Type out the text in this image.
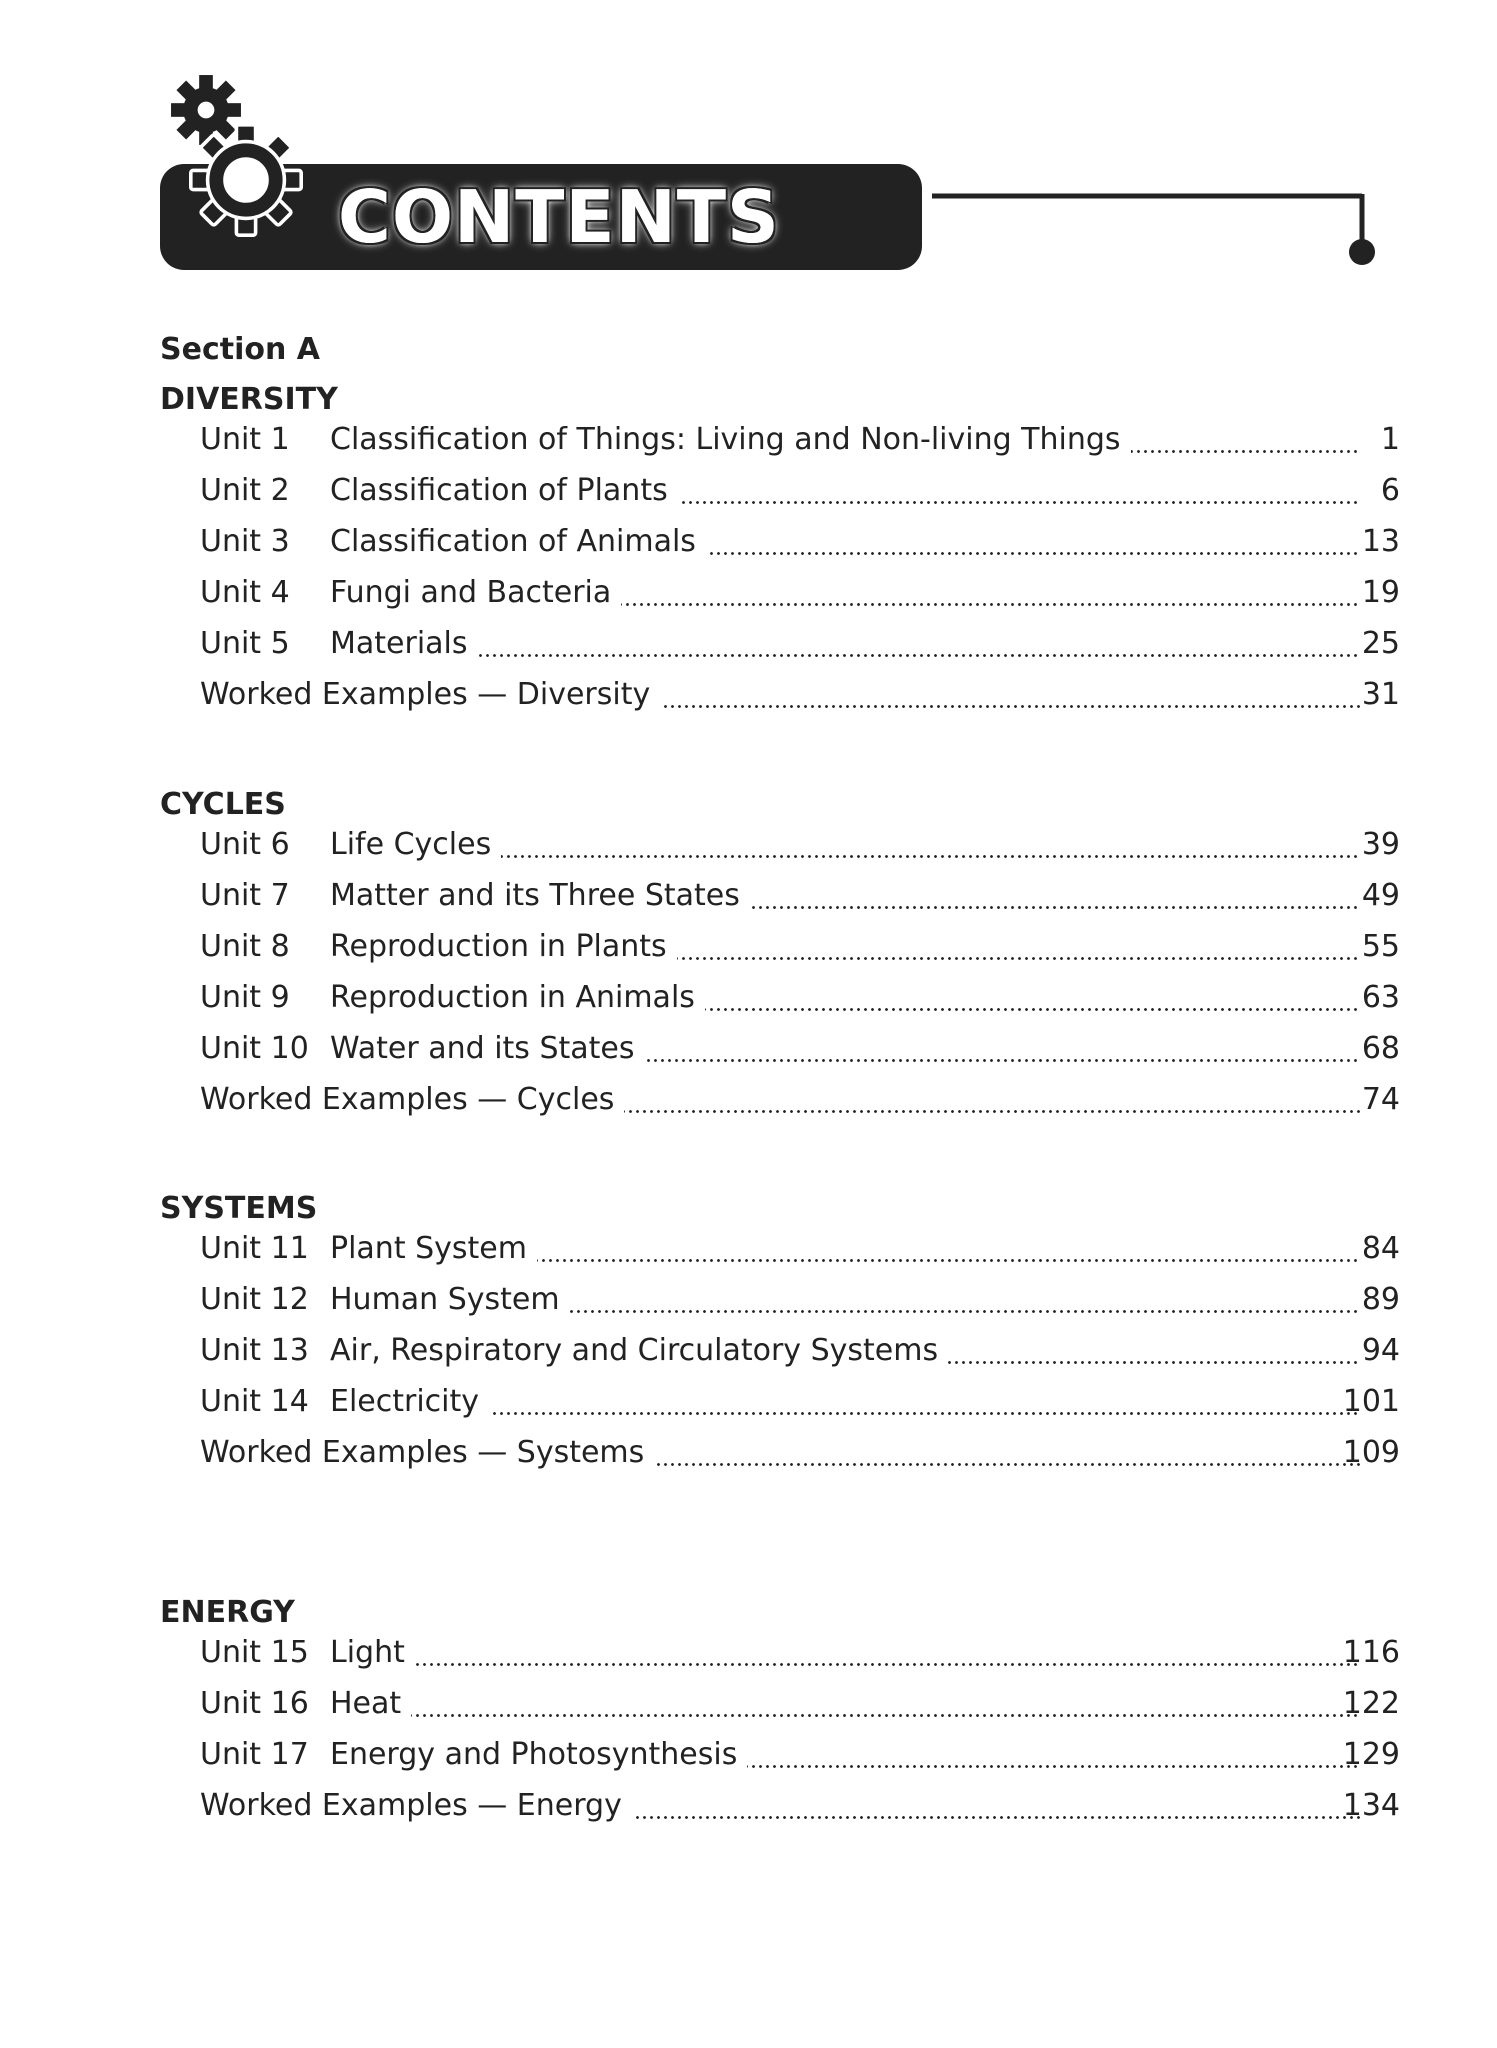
CONTENTS
Section A
DIVERSITY
Unit 1 Classification of Things: Living and Non-living Things	1
Unit 2 Classification of Plants	6
Unit 3 Classification of Animals	13
Unit 4 Fungi and Bacteria	19
Unit 5 Materials	25
Worked Examples — Diversity	31
CYCLES
Unit 6 Life Cycles	39
Unit 7 Matter and its Three States	49
Unit 8 Reproduction in Plants	55
Unit 9 Reproduction in Animals	63
Unit 10 Water and its States	68
Worked Examples — Cycles	74
SYSTEMS
Unit 11 Plant System	84
Unit 12 Human System	89
Unit 13 Air, Respiratory and Circulatory Systems	94
Unit 14 Electricity	101
Worked Examples — Systems	109
ENERGY
Unit 15 Light	116
Unit 16 Heat	122
Unit 17 Energy and Photosynthesis	129
Worked Examples — Energy	134
